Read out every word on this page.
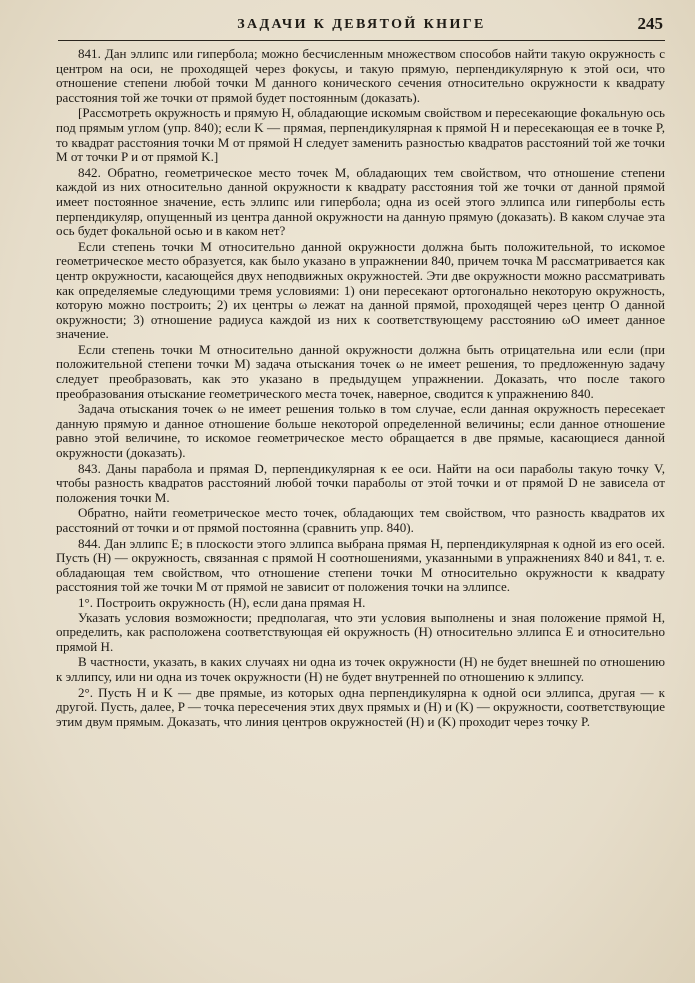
ЗАДАЧИ К ДЕВЯТОЙ КНИГЕ	245

841. Дан эллипс или гипербола; можно бесчисленным множеством способов найти такую окружность с центром на оси, не проходящей через фокусы, и такую прямую, перпендикулярную к этой оси, что отношение степени любой точки M данного конического сечения относительно окружности к квадрату расстояния той же точки от прямой будет постоянным (доказать).

[Рассмотреть окружность и прямую H, обладающие искомым свойством и пересекающие фокальную ось под прямым углом (упр. 840); если K — прямая, перпендикулярная к прямой H и пересекающая ее в точке P, то квадрат расстояния точки M от прямой H следует заменить разностью квадратов расстояний той же точки M от точки P и от прямой K.]

842. Обратно, геометрическое место точек M, обладающих тем свойством, что отношение степени каждой из них относительно данной окружности к квадрату расстояния той же точки от данной прямой имеет постоянное значение, есть эллипс или гипербола; одна из осей этого эллипса или гиперболы есть перпендикуляр, опущенный из центра данной окружности на данную прямую (доказать). В каком случае эта ось будет фокальной осью и в каком нет?

Если степень точки M относительно данной окружности должна быть положительной, то искомое геометрическое место образуется, как было указано в упражнении 840, причем точка M рассматривается как центр окружности, касающейся двух неподвижных окружностей. Эти две окружности можно рассматривать как определяемые следующими тремя условиями: 1) они пересекают ортогонально некоторую окружность, которую можно построить; 2) их центры ω лежат на данной прямой, проходящей через центр O данной окружности; 3) отношение радиуса каждой из них к соответствующему расстоянию ωO имеет данное значение.

Если степень точки M относительно данной окружности должна быть отрицательна или если (при положительной степени точки M) задача отыскания точек ω не имеет решения, то предложенную задачу следует преобразовать, как это указано в предыдущем упражнении. Доказать, что после такого преобразования отыскание геометрического места точек, наверное, сводится к упражнению 840.

Задача отыскания точек ω не имеет решения только в том случае, если данная окружность пересекает данную прямую и данное отношение больше некоторой определенной величины; если данное отношение равно этой величине, то искомое геометрическое место обращается в две прямые, касающиеся данной окружности (доказать).

843. Даны парабола и прямая D, перпендикулярная к ее оси. Найти на оси параболы такую точку V, чтобы разность квадратов расстояний любой точки параболы от этой точки и от прямой D не зависела от положения точки M.

Обратно, найти геометрическое место точек, обладающих тем свойством, что разность квадратов их расстояний от точки и от прямой постоянна (сравнить упр. 840).

844. Дан эллипс E; в плоскости этого эллипса выбрана прямая H, перпендикулярная к одной из его осей. Пусть (H) — окружность, связанная с прямой H соотношениями, указанными в упражнениях 840 и 841, т. е. обладающая тем свойством, что отношение степени точки M относительно окружности к квадрату расстояния той же точки M от прямой не зависит от положения точки на эллипсе.

1°. Построить окружность (H), если дана прямая H.

Указать условия возможности; предполагая, что эти условия выполнены и зная положение прямой H, определить, как расположена соответствующая ей окружность (H) относительно эллипса E и относительно прямой H.

В частности, указать, в каких случаях ни одна из точек окружности (H) не будет внешней по отношению к эллипсу, или ни одна из точек окружности (H) не будет внутренней по отношению к эллипсу.

2°. Пусть H и K — две прямые, из которых одна перпендикулярна к одной оси эллипса, другая — к другой. Пусть, далее, P — точка пересечения этих двух прямых и (H) и (K) — окружности, соответствующие этим двум прямым. Доказать, что линия центров окружностей (H) и (K) проходит через точку P.
